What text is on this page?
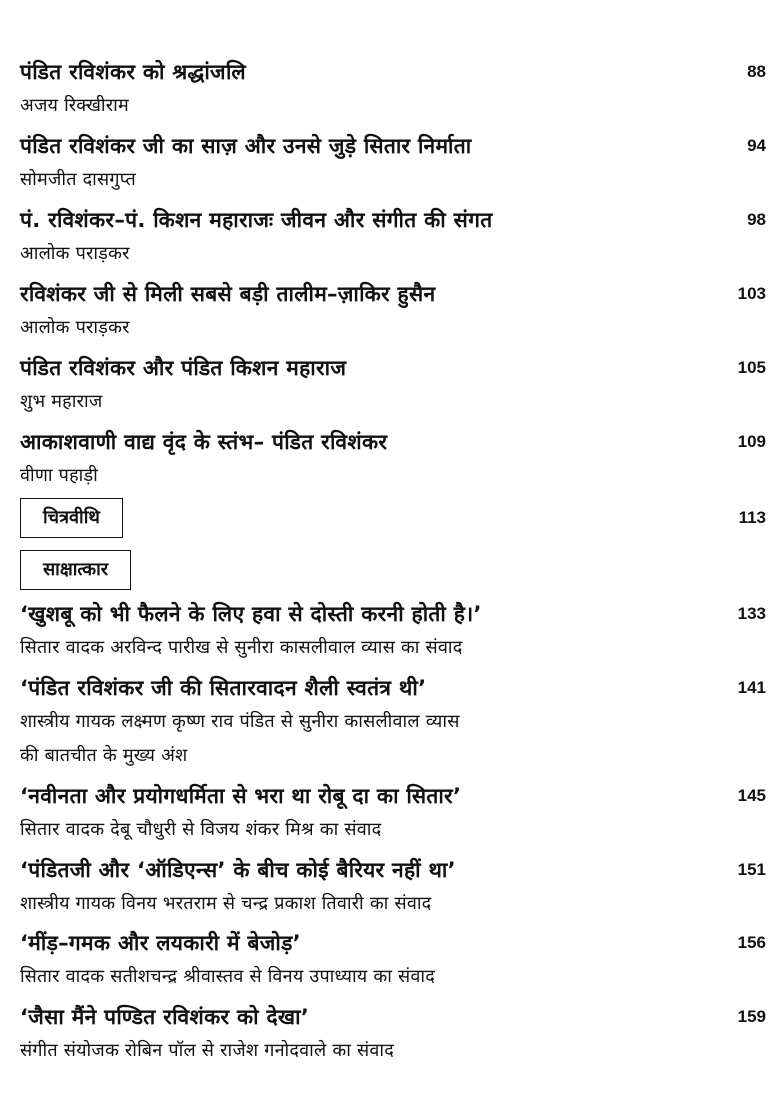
पंडित रविशंकर को श्रद्धांजलि	88
अजय रिक्खीराम
पंडित रविशंकर जी का साज़ और उनसे जुड़े सितार निर्माता	94
सोमजीत दासगुप्त
पं. रविशंकर–पं. किशन महाराजः जीवन और संगीत की संगत	98
आलोक पराड़कर
रविशंकर जी से मिली सबसे बड़ी तालीम–ज़ाकिर हुसैन	103
आलोक पराड़कर
पंडित रविशंकर और पंडित किशन महाराज	105
शुभ महाराज
आकाशवाणी वाद्य वृंद के स्तंभ– पंडित रविशंकर	109
वीणा पहाड़ी
चित्रवीथि	113
साक्षात्कार
‘खुशबू को भी फैलने के लिए हवा से दोस्ती करनी होती है।’	133
सितार वादक अरविन्द पारीख से सुनीरा कासलीवाल व्यास का संवाद
‘पंडित रविशंकर जी की सितारवादन शैली स्वतंत्र थी’	141
शास्त्रीय गायक लक्ष्मण कृष्ण राव पंडित से सुनीरा कासलीवाल व्यास
की बातचीत के मुख्य अंश
‘नवीनता और प्रयोगधर्मिता से भरा था रोबू दा का सितार’	145
सितार वादक देबू चौधुरी से विजय शंकर मिश्र का संवाद
‘पंडितजी और ‘ऑडिएन्स’ के बीच कोई बैरियर नहीं था’	151
शास्त्रीय गायक विनय भरतराम से चन्द्र प्रकाश तिवारी का संवाद
‘मींड़–गमक और लयकारी में बेजोड़’	156
सितार वादक सतीशचन्द्र श्रीवास्तव से विनय उपाध्याय का संवाद
‘जैसा मैंने पण्डित रविशंकर को देखा’	159
संगीत संयोजक रोबिन पॉल से राजेश गनोदवाले का संवाद
